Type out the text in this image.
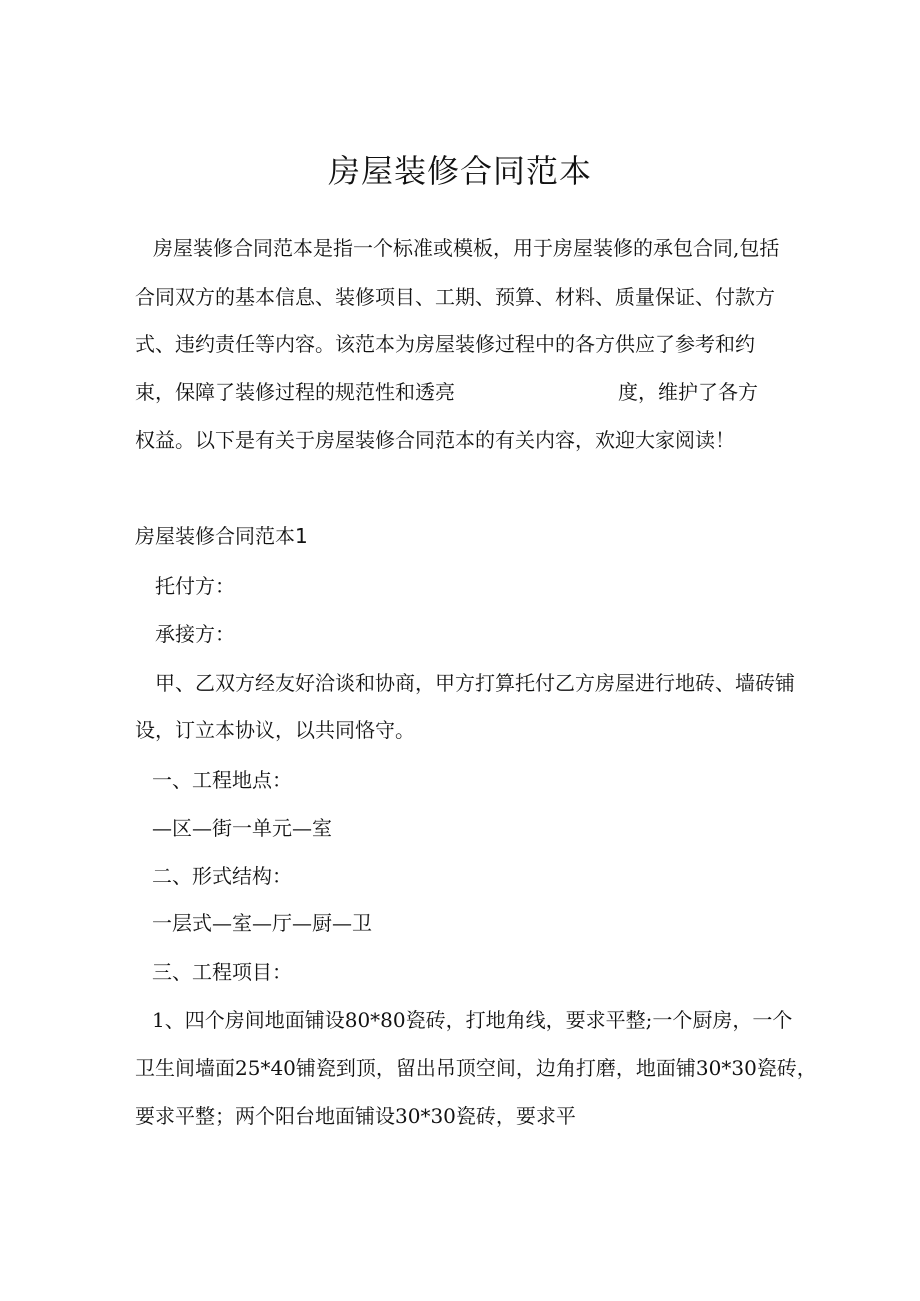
房屋装修合同范本
房屋装修合同范本是指一个标准或模板，用于房屋装修的承包合同,包括
合同双方的基本信息、装修项目、工期、预算、材料、质量保证、付款方
式、违约责任等内容。该范本为房屋装修过程中的各方供应了参考和约
束，保障了装修过程的规范性和透亮	度，维护了各方
权益。以下是有关于房屋装修合同范本的有关内容，欢迎大家阅读！
房屋装修合同范本1
托付方：
承接方：
甲、乙双方经友好洽谈和协商，甲方打算托付乙方房屋进行地砖、墙砖铺
设，订立本协议，以共同恪守。
一、工程地点：
—区—街一单元—室
二、形式结构：
一层式—室—厅—厨—卫
三、工程项目：
1、四个房间地面铺设80*80瓷砖，打地角线，要求平整;一个厨房，一个
卫生间墙面25*40铺瓷到顶，留出吊顶空间，边角打磨，地面铺30*30瓷砖，
要求平整；两个阳台地面铺设30*30瓷砖，要求平
